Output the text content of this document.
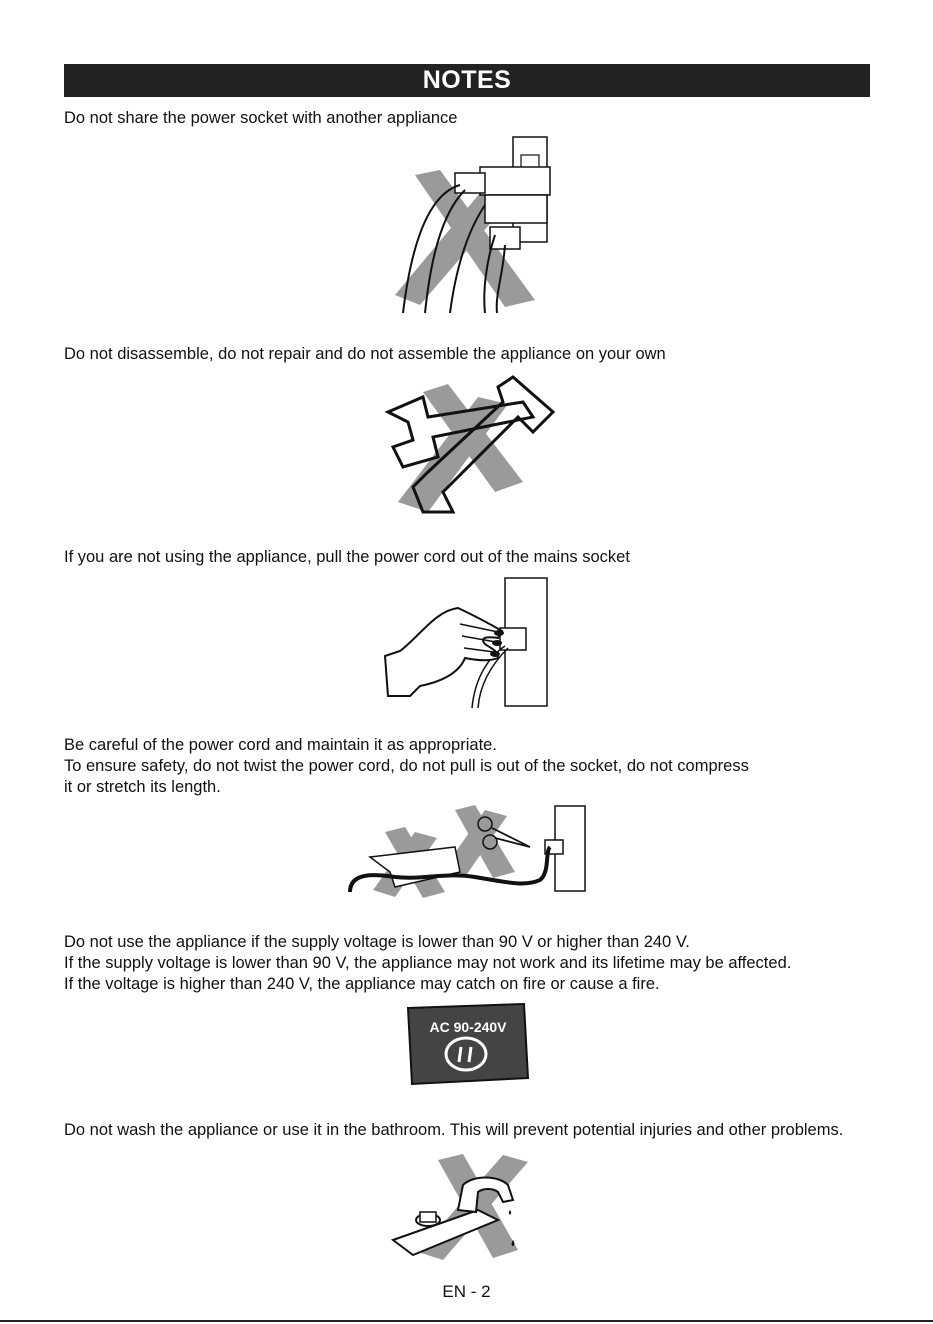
NOTES
Do not share the power socket with another appliance
Do not disassemble, do not repair and do not assemble the appliance on your own
If you are not using the appliance, pull the power cord out of the mains socket
Be careful of the power cord and maintain it as appropriate.
To ensure safety, do not twist the power cord, do not pull is out of the socket, do not compress
it or stretch its length.
Do not use the appliance if the supply voltage is lower than 90 V or higher than 240 V.
If the supply voltage is lower than 90 V, the appliance may not work and its lifetime may be affected.
If the voltage is higher than 240 V, the appliance may catch on fire or cause a fire.
AC 90-240V
Do not wash the appliance or use it in the bathroom. This will prevent potential injuries and other problems.
EN - 2
